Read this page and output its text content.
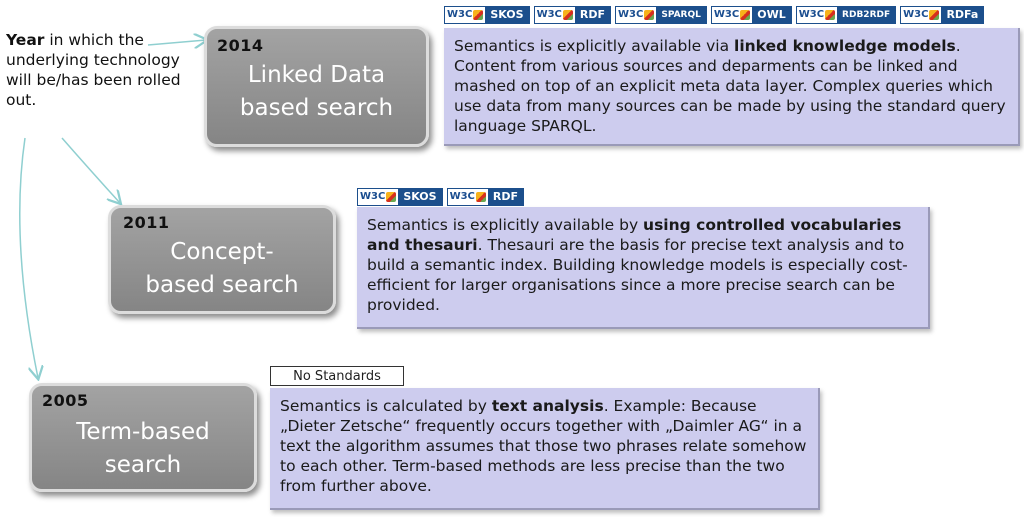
Year in which the underlying technology will be/has been rolled out.
2014
Linked Data
based search
W3C	SKOS	W3C	RDF	W3C	SPARQL	W3C	OWL	W3C	RDB2RDF	W3C	RDFa
Semantics is explicitly available via linked knowledge models. Content from various sources and deparments can be linked and mashed on top of an explicit meta data layer. Complex queries which use data from many sources can be made by using the standard query language SPARQL.
2011
Concept-
based search
W3C	SKOS	W3C	RDF
Semantics is explicitly available by using controlled vocabularies and thesauri. Thesauri are the basis for precise text analysis and to build a semantic index. Building knowledge models is especially cost-efficient for larger organisations since a more precise search can be provided.
2005
Term-based
search
No Standards
Semantics is calculated by text analysis. Example: Because „Dieter Zetsche“ frequently occurs together with „Daimler AG“ in a text the algorithm assumes that those two phrases relate somehow to each other. Term-based methods are less precise than the two from further above.
